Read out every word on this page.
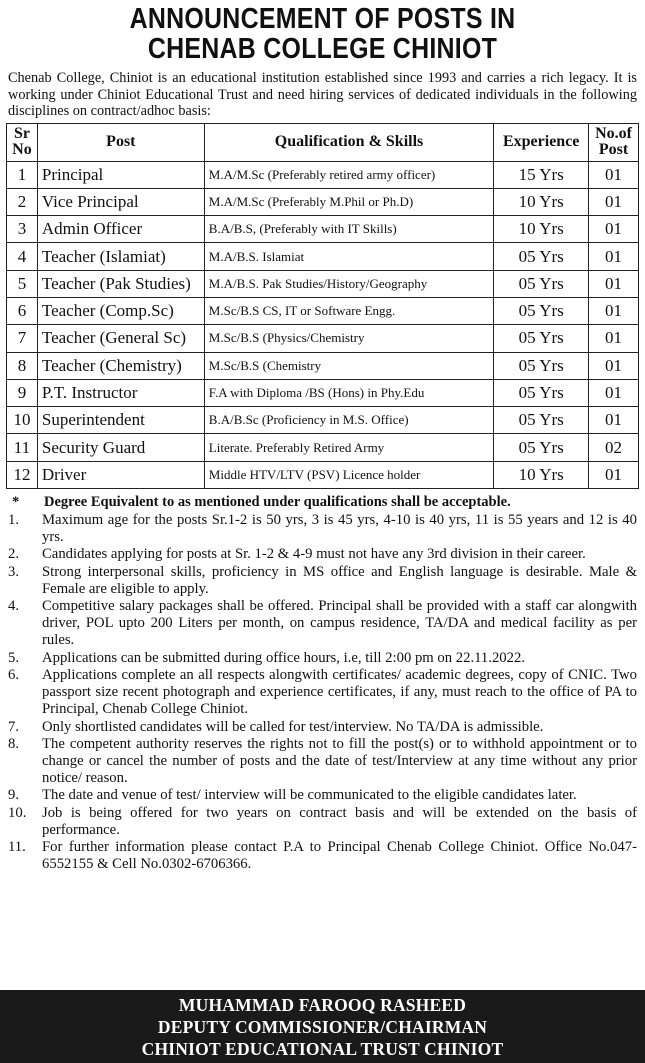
ANNOUNCEMENT OF POSTS IN
CHENAB COLLEGE CHINIOT

Chenab College, Chiniot is an educational institution established since 1993 and carries a rich legacy. It is working under Chiniot Educational Trust and need hiring services of dedicated individuals in the following disciplines on contract/adhoc basis:

Sr No	Post	Qualification & Skills	Experience	No.of Post
1	Principal	M.A/M.Sc (Preferably retired army officer)	15 Yrs	01
2	Vice Principal	M.A/M.Sc (Preferably M.Phil or Ph.D)	10 Yrs	01
3	Admin Officer	B.A/B.S, (Preferably with IT Skills)	10 Yrs	01
4	Teacher (Islamiat)	M.A/B.S. Islamiat	05 Yrs	01
5	Teacher (Pak Studies)	M.A/B.S. Pak Studies/History/Geography	05 Yrs	01
6	Teacher (Comp.Sc)	M.Sc/B.S CS, IT or Software Engg.	05 Yrs	01
7	Teacher (General Sc)	M.Sc/B.S (Physics/Chemistry	05 Yrs	01
8	Teacher (Chemistry)	M.Sc/B.S (Chemistry	05 Yrs	01
9	P.T. Instructor	F.A with Diploma /BS (Hons) in Phy.Edu	05 Yrs	01
10	Superintendent	B.A/B.Sc (Proficiency in M.S. Office)	05 Yrs	01
11	Security Guard	Literate. Preferably Retired Army	05 Yrs	02
12	Driver	Middle HTV/LTV (PSV) Licence holder	10 Yrs	01
*	Degree Equivalent to as mentioned under qualifications shall be acceptable.
1.	Maximum age for the posts Sr.1-2 is 50 yrs, 3 is 45 yrs, 4-10 is 40 yrs, 11 is 55 years and 12 is 40 yrs.
2.	Candidates applying for posts at Sr. 1-2 & 4-9 must not have any 3rd division in their career.
3.	Strong interpersonal skills, proficiency in MS office and English language is desirable. Male & Female are eligible to apply.
4.	Competitive salary packages shall be offered. Principal shall be provided with a staff car alongwith driver, POL upto 200 Liters per month, on campus residence, TA/DA and medical facility as per rules.
5.	Applications can be submitted during office hours, i.e, till 2:00 pm on 22.11.2022.
6.	Applications complete an all respects alongwith certificates/ academic degrees, copy of CNIC. Two passport size recent photograph and experience certificates, if any, must reach to the office of PA to Principal, Chenab College Chiniot.
7.	Only shortlisted candidates will be called for test/interview. No TA/DA is admissible.
8.	The competent authority reserves the rights not to fill the post(s) or to withhold appointment or to change or cancel the number of posts and the date of test/Interview at any time without any prior notice/ reason.
9.	The date and venue of test/ interview will be communicated to the eligible candidates later.
10.	Job is being offered for two years on contract basis and will be extended on the basis of performance.
11.	For further information please contact P.A to Principal Chenab College Chiniot. Office No.047-6552155 & Cell No.0302-6706366.
MUHAMMAD FAROOQ RASHEED
DEPUTY COMMISSIONER/CHAIRMAN
CHINIOT EDUCATIONAL TRUST CHINIOT
